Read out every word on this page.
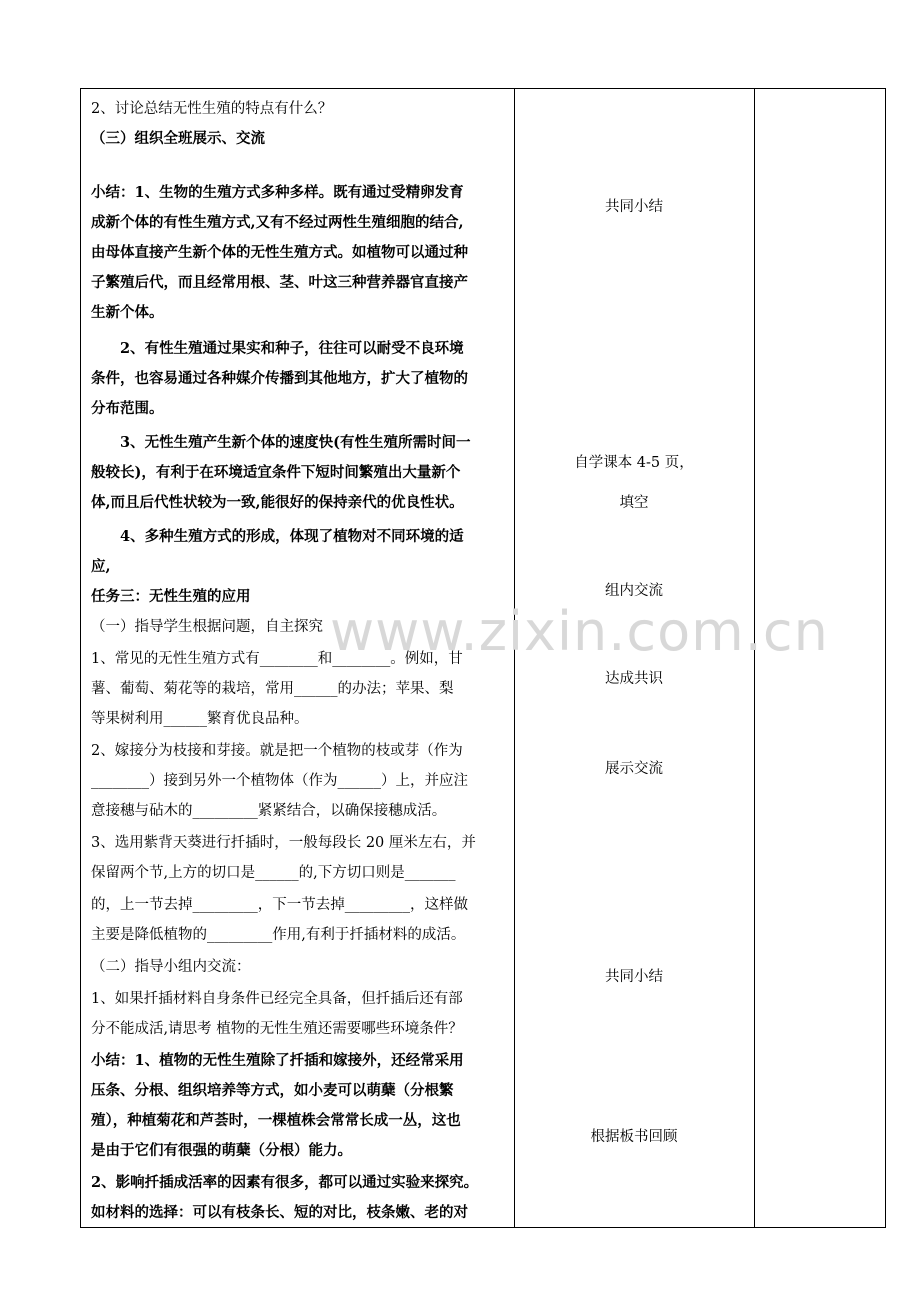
2、讨论总结无性生殖的特点有什么？
（三）组织全班展示、交流
小结：1、生物的生殖方式多种多样。既有通过受精卵发育
成新个体的有性生殖方式,又有不经过两性生殖细胞的结合,
由母体直接产生新个体的无性生殖方式。如植物可以通过种
子繁殖后代，而且经常用根、茎、叶这三种营养器官直接产
生新个体。
　　2、有性生殖通过果实和种子，往往可以耐受不良环境
条件，也容易通过各种媒介传播到其他地方，扩大了植物的
分布范围。
　　3、无性生殖产生新个体的速度快(有性生殖所需时间一
般较长)，有利于在环境适宜条件下短时间繁殖出大量新个
体,而且后代性状较为一致,能很好的保持亲代的优良性状。
　　4、多种生殖方式的形成，体现了植物对不同环境的适
应,
任务三：无性生殖的应用
（一）指导学生根据问题，自主探究
1、常见的无性生殖方式有________和________。例如，甘
薯、葡萄、菊花等的栽培，常用______的办法；苹果、梨
等果树利用______繁育优良品种。
2、嫁接分为枝接和芽接。就是把一个植物的枝或芽（作为
________）接到另外一个植物体（作为______）上，并应注
意接穗与砧木的_________紧紧结合，以确保接穗成活。
3、选用紫背天葵进行扦插时，一般每段长 20 厘米左右，并
保留两个节,上方的切口是______的,下方切口则是_______
的，上一节去掉_________，下一节去掉_________，这样做
主要是降低植物的_________作用,有利于扦插材料的成活。
（二）指导小组内交流：
1、如果扦插材料自身条件已经完全具备，但扦插后还有部
分不能成活,请思考 植物的无性生殖还需要哪些环境条件？
小结：1、植物的无性生殖除了扦插和嫁接外，还经常采用
压条、分根、组织培养等方式，如小麦可以萌蘖（分根繁
殖），种植菊花和芦荟时，一棵植株会常常长成一丛，这也
是由于它们有很强的萌蘖（分根）能力。
2、影响扦插成活率的因素有很多，都可以通过实验来探究。
如材料的选择：可以有枝条长、短的对比，枝条嫩、老的对
共同小结
自学课本 4-5 页，
填空
组内交流
达成共识
展示交流
共同小结
根据板书回顾
www.zixin.com.cn
